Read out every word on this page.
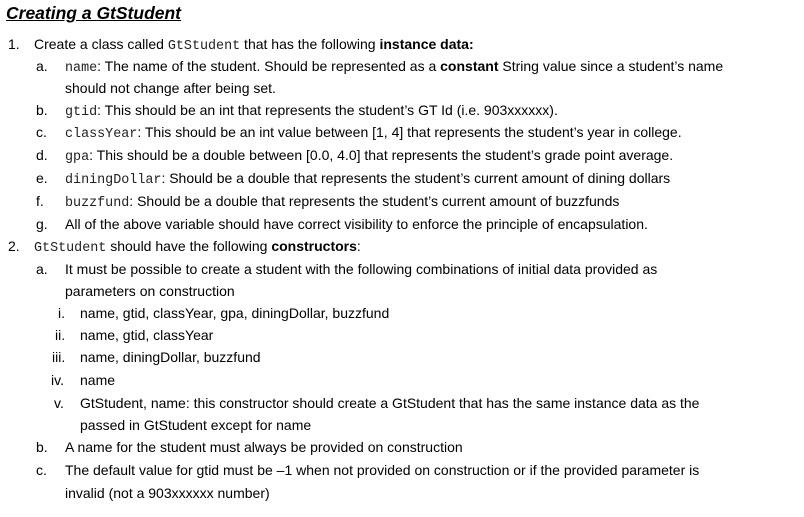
Creating a GtStudent
1. Create a class called GtStudent that has the following instance data:
a. name: The name of the student. Should be represented as a constant String value since a student’s name
should not change after being set.
b. gtid: This should be an int that represents the student’s GT Id (i.e. 903xxxxxx).
c. classYear: This should be an int value between [1, 4] that represents the student’s year in college.
d. gpa: This should be a double between [0.0, 4.0] that represents the student’s grade point average.
e. diningDollar: Should be a double that represents the student’s current amount of dining dollars
f. buzzfund: Should be a double that represents the student’s current amount of buzzfunds
g. All of the above variable should have correct visibility to enforce the principle of encapsulation.
2. GtStudent should have the following constructors:
a. It must be possible to create a student with the following combinations of initial data provided as
parameters on construction
i. name, gtid, classYear, gpa, diningDollar, buzzfund
ii. name, gtid, classYear
iii. name, diningDollar, buzzfund
iv. name
v. GtStudent, name: this constructor should create a GtStudent that has the same instance data as the
passed in GtStudent except for name
b. A name for the student must always be provided on construction
c. The default value for gtid must be –1 when not provided on construction or if the provided parameter is
invalid (not a 903xxxxxx number)
